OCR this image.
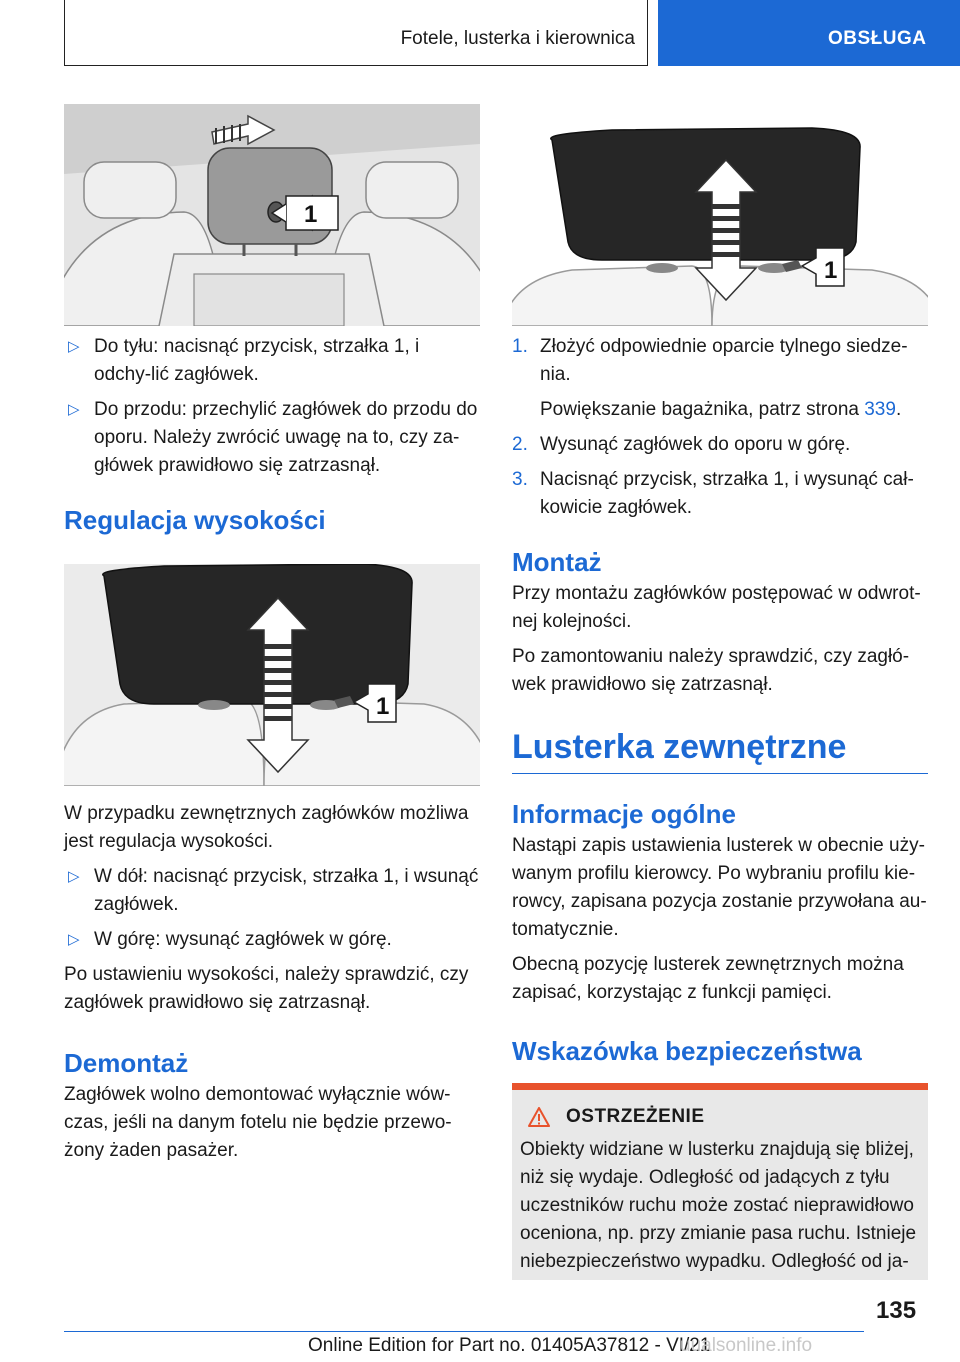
Fotele, lusterka i kierownica	OBSŁUGA
1
▷ Do tyłu: nacisnąć przycisk, strzałka 1, i odchy-lić zagłówek.
▷ Do przodu: przechylić zagłówek do przodu do oporu. Należy zwrócić uwagę na to, czy za-główek prawidłowo się zatrzasnął.
Regulacja wysokości
1

W przypadku zewnętrznych zagłówków możliwa jest regulacja wysokości.

▷ W dół: nacisnąć przycisk, strzałka 1, i wsunąć zagłówek.
▷ W górę: wysunąć zagłówek w górę.

Po ustawieniu wysokości, należy sprawdzić, czy zagłówek prawidłowo się zatrzasnął.

Demontaż

Zagłówek wolno demontować wyłącznie wów-czas, jeśli na danym fotelu nie będzie przewo-żony żaden pasażer.

1
1. Złożyć odpowiednie oparcie tylnego siedze-nia.

Powiększanie bagażnika, patrz strona 339.

2. Wysunąć zagłówek do oporu w górę.
3. Nacisnąć przycisk, strzałka 1, i wysunąć cał-kowicie zagłówek.
Montaż

Przy montażu zagłówków postępować w odwrot-nej kolejności.

Po zamontowaniu należy sprawdzić, czy zagłó-wek prawidłowo się zatrzasnął.

Lusterka zewnętrzne
Informacje ogólne

Nastąpi zapis ustawienia lusterek w obecnie uży-wanym profilu kierowcy. Po wybraniu profilu kie-rowcy, zapisana pozycja zostanie przywołana au-tomatycznie.

Obecną pozycję lusterek zewnętrznych można zapisać, korzystając z funkcji pamięci.

Wskazówka bezpieczeństwa
OSTRZEŻENIE

Obiekty widziane w lusterku znajdują się bliżej, niż się wydaje. Odległość od jadących z tyłu uczestników ruchu może zostać nieprawidłowo oceniona, np. przy zmianie pasa ruchu. Istnieje niebezpieczeństwo wypadku. Odległość od ja-

135
Online Edition for Part no. 01405A37812 - VI/21
uualsonline.info
